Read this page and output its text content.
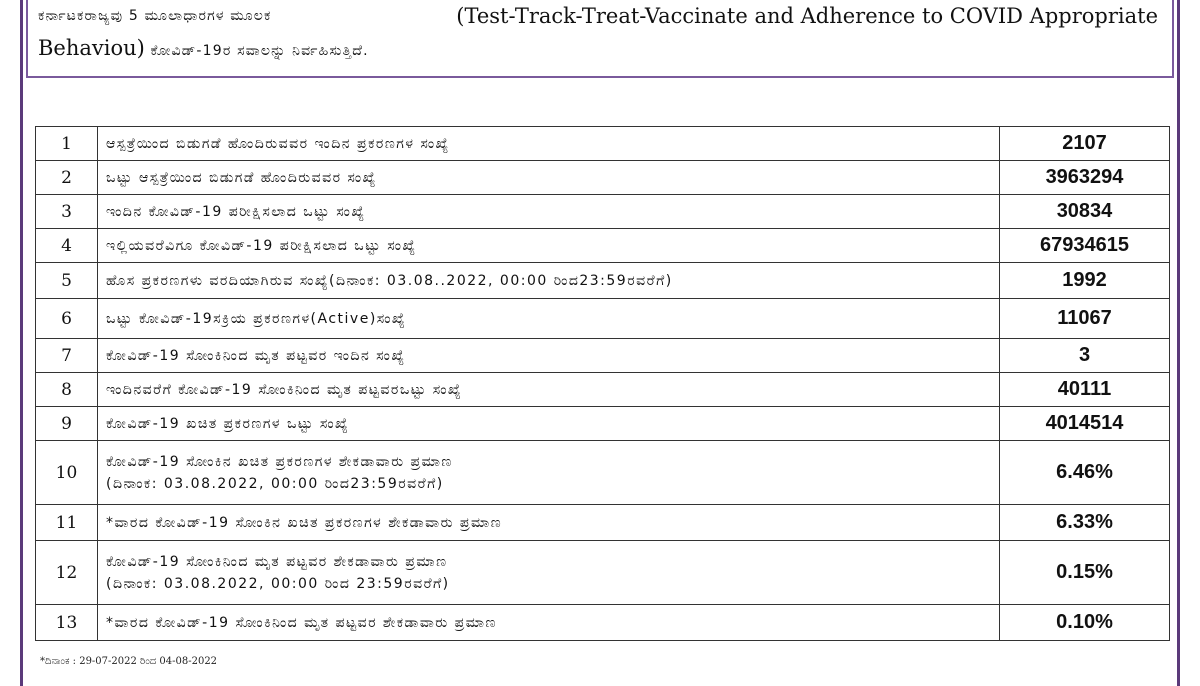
ಕರ್ನಾಟಕರಾಜ್ಯವು 5 ಮೂಲಾಧಾರಗಳ ಮೂಲಕ	(Test-Track-Treat-Vaccinate and Adherence to COVID Appropriate
Behaviou) ಕೋವಿಡ್-19ರ ಸವಾಲನ್ನು ನಿರ್ವಹಿಸುತ್ತಿದೆ.
1	ಆಸ್ಪತ್ರೆಯಿಂದ ಬಿಡುಗಡೆ ಹೊಂದಿರುವವರ ಇಂದಿನ ಪ್ರಕರಣಗಳ ಸಂಖ್ಯೆ	2107
2	ಒಟ್ಟು ಆಸ್ಪತ್ರೆಯಿಂದ ಬಿಡುಗಡೆ ಹೊಂದಿರುವವರ ಸಂಖ್ಯೆ	3963294
3	ಇಂದಿನ ಕೋವಿಡ್-19 ಪರೀಕ್ಷಿಸಲಾದ ಒಟ್ಟು ಸಂಖ್ಯೆ	30834
4	ಇಲ್ಲಿಯವರೆವಿಗೂ ಕೋವಿಡ್-19 ಪರೀಕ್ಷಿಸಲಾದ ಒಟ್ಟು ಸಂಖ್ಯೆ	67934615
5	ಹೊಸ ಪ್ರಕರಣಗಳು ವರದಿಯಾಗಿರುವ ಸಂಖ್ಯೆ(ದಿನಾಂಕ: 03.08..2022, 00:00 ರಿಂದ23:59ರವರೆಗೆ)	1992
6	ಒಟ್ಟು ಕೋವಿಡ್-19ಸಕ್ರಿಯ ಪ್ರಕರಣಗಳ(Active)ಸಂಖ್ಯೆ	11067
7	ಕೋವಿಡ್-19 ಸೋಂಕಿನಿಂದ ಮೃತ ಪಟ್ಟವರ ಇಂದಿನ ಸಂಖ್ಯೆ	3
8	ಇಂದಿನವರೆಗೆ ಕೋವಿಡ್-19 ಸೋಂಕಿನಿಂದ ಮೃತ ಪಟ್ಟವರಒಟ್ಟು ಸಂಖ್ಯೆ	40111
9	ಕೋವಿಡ್-19 ಖಚಿತ ಪ್ರಕರಣಗಳ ಒಟ್ಟು ಸಂಖ್ಯೆ	4014514
10	ಕೋವಿಡ್-19 ಸೋಂಕಿನ ಖಚಿತ ಪ್ರಕರಣಗಳ ಶೇಕಡಾವಾರು ಪ್ರಮಾಣ
(ದಿನಾಂಕ: 03.08.2022, 00:00 ರಿಂದ23:59ರವರೆಗೆ)	6.46%
11	*ವಾರದ ಕೋವಿಡ್-19 ಸೋಂಕಿನ ಖಚಿತ ಪ್ರಕರಣಗಳ ಶೇಕಡಾವಾರು ಪ್ರಮಾಣ	6.33%
12	ಕೋವಿಡ್-19 ಸೋಂಕಿನಿಂದ ಮೃತ ಪಟ್ಟವರ ಶೇಕಡಾವಾರು ಪ್ರಮಾಣ
(ದಿನಾಂಕ: 03.08.2022, 00:00 ರಿಂದ 23:59ರವರೆಗೆ)	0.15%
13	*ವಾರದ ಕೋವಿಡ್-19 ಸೋಂಕಿನಿಂದ ಮೃತ ಪಟ್ಟವರ ಶೇಕಡಾವಾರು ಪ್ರಮಾಣ	0.10%
*ದಿನಾಂಕ : 29-07-2022 ರಿಂದ 04-08-2022
